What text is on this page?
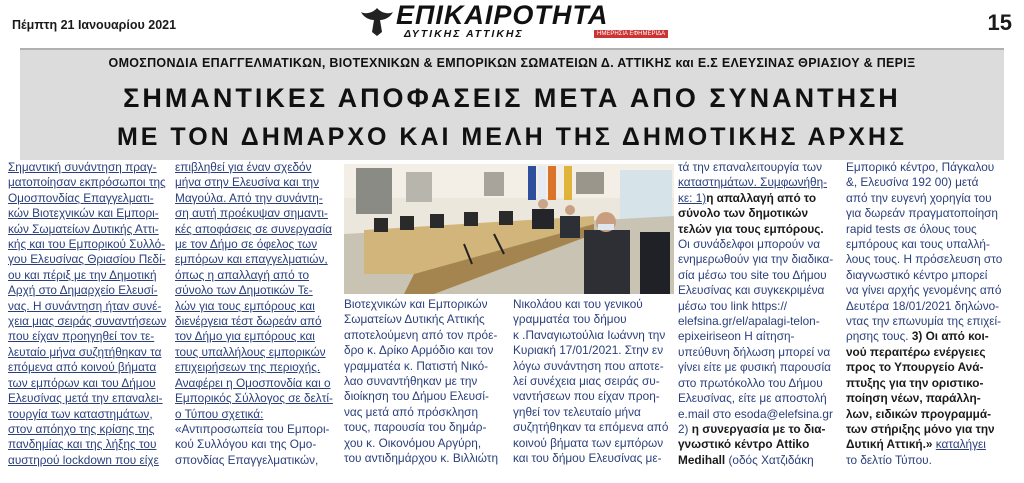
Πέμπτη 21 Ιανουαρίου 2021	ΕΠΙΚΑΙΡΟΤΗΤΑ
ΔΥΤΙΚΗΣ ΑΤΤΙΚΗΣ	ΗΜΕΡΗΣΙΑ ΕΦΗΜΕΡΙΔΑ	15
ΟΜΟΣΠΟΝΔΙΑ ΕΠΑΓΓΕΛΜΑΤΙΚΩΝ, ΒΙΟΤΕΧΝΙΚΩΝ & ΕΜΠΟΡΙΚΩΝ ΣΩΜΑΤΕΙΩΝ Δ. ΑΤΤΙΚΗΣ και Ε.Σ ΕΛΕΥΣΙΝΑΣ ΘΡΙΑΣΙΟΥ & ΠΕΡΙΞ
ΣΗΜΑΝΤΙΚΕΣ ΑΠΟΦΑΣΕΙΣ ΜΕΤΑ ΑΠΟ ΣΥΝΑΝΤΗΣΗ
ΜΕ ΤΟΝ ΔΗΜΑΡΧΟ ΚΑΙ ΜΕΛΗ ΤΗΣ ΔΗΜΟΤΙΚΗΣ ΑΡΧΗΣ

Σημαντική συνάντηση πραγ-

ματοποίησαν εκπρόσωποι της

Ομοσπονδίας Επαγγελματι-

κών Βιοτεχνικών και Εμπορι-

κών Σωματείων Δυτικής Αττι-

κής και του Εμπορικού Συλλό-

γου Ελευσίνας Θριασίου Πεδί-

ου και πέριξ με την Δημοτική

Αρχή στο Δημαρχείο Ελευσί-

νας. Η συνάντηση ήταν συνέ-

χεια μιας σειράς συναντήσεων

που είχαν προηγηθεί τον τε-

λευταίο μήνα συζητήθηκαν τα

επόμενα από κοινού βήματα

των εμπόρων και του Δήμου

Ελευσίνας μετά την επαναλει-

τουργία των καταστημάτων,

στον απόηχο της κρίσης της

πανδημίας και της λήξης του

αυστηρού lockdown που είχε

επιβληθεί για έναν σχεδόν

μήνα στην Ελευσίνα και την

Μαγούλα. Από την συνάντη-

ση αυτή προέκυψαν σημαντι-

κές αποφάσεις σε συνεργασία

με τον Δήμο σε όφελος των

εμπόρων και επαγγελματιών,

όπως η απαλλαγή από το

σύνολο των Δημοτικών Τε-

λών για τους εμπόρους και

διενέργεια τέστ δωρεάν από

τον Δήμο για εμπόρους και

τους υπαλλήλους εμπορικών

επιχειρήσεων της περιοχής.

Αναφέρει η Ομοσπονδία και ο

Εμπορικός Σύλλογος σε δελτί-

ο Τύπου σχετικά:

«Αντιπροσωπεία του Εμπορι-

κού Συλλόγου και της Ομο-

σπονδίας Επαγγελματικών,

Βιοτεχνικών και Εμπορικών

Σωματείων Δυτικής Αττικής

αποτελούμενη από τον πρόε-

δρο κ. Δρίκο Αρμόδιο και τον

γραμματέα κ. Πατιστή Νικό-

λαο συναντήθηκαν με την

διοίκηση του Δήμου Ελευσί-

νας μετά από πρόσκληση

τους, παρουσία του δημάρ-

χου κ. Οικονόμου Αργύρη,

του αντιδημάρχου κ. Βιλλιώτη

Νικολάου και του γενικού

γραμματέα του δήμου

κ .Παναγιωτούλια Ιωάννη την

Κυριακή 17/01/2021. Στην εν

λόγω συνάντηση που αποτε-

λεί συνέχεια μιας σειράς συ-

ναντήσεων που είχαν προη-

γηθεί τον τελευταίο μήνα

συζητήθηκαν τα επόμενα από

κοινού βήματα των εμπόρων

και του δήμου Ελευσίνας με-

τά την επαναλειτουργία των

καταστημάτων. Συμφωνήθη-

κε: 1)η απαλλαγή από το

σύνολο των δημοτικών

τελών για τους εμπόρους.

Οι συνάδελφοι μπορούν να

ενημερωθούν για την διαδικα-

σία μέσω του site του Δήμου

Ελευσίνας και συγκεκριμένα

μέσω του link https://

elefsina.gr/el/apalagi-telon-

epixeiriseon Η αίτηση-

υπεύθυνη δήλωση μπορεί να

γίνει είτε με φυσική παρουσία

στο πρωτόκολλο του Δήμου

Ελευσίνας, είτε με αποστολή

e.mail στο esoda@elefsina.gr

2) η συνεργασία με το δια-

γνωστικό κέντρο Attiko

Medihall (οδός Χατζιδάκη

Εμπορικό κέντρο, Πάγκαλου

&, Ελευσίνα 192 00) μετά

από την ευγενή χορηγία του

για δωρεάν πραγματοποίηση

rapid tests σε όλους τους

εμπόρους και τους υπαλλή-

λους τους. Η πρόσελευση στο

διαγνωστικό κέντρο μπορεί

να γίνει αρχής γενομένης από

Δευτέρα 18/01/2021 δηλώνο-

ντας την επωνυμία της επιχεί-

ρησης τους. 3) Οι από κοι-

νού περαιτέρω ενέργειες

προς το Υπουργείο Ανά-

πτυξης για την οριστικο-

ποίηση νέων, παράλλη-

λων, ειδικών προγραμμά-

των στήριξης μόνο για την

Δυτική Αττική.» καταλήγει

το δελτίο Τύπου.
